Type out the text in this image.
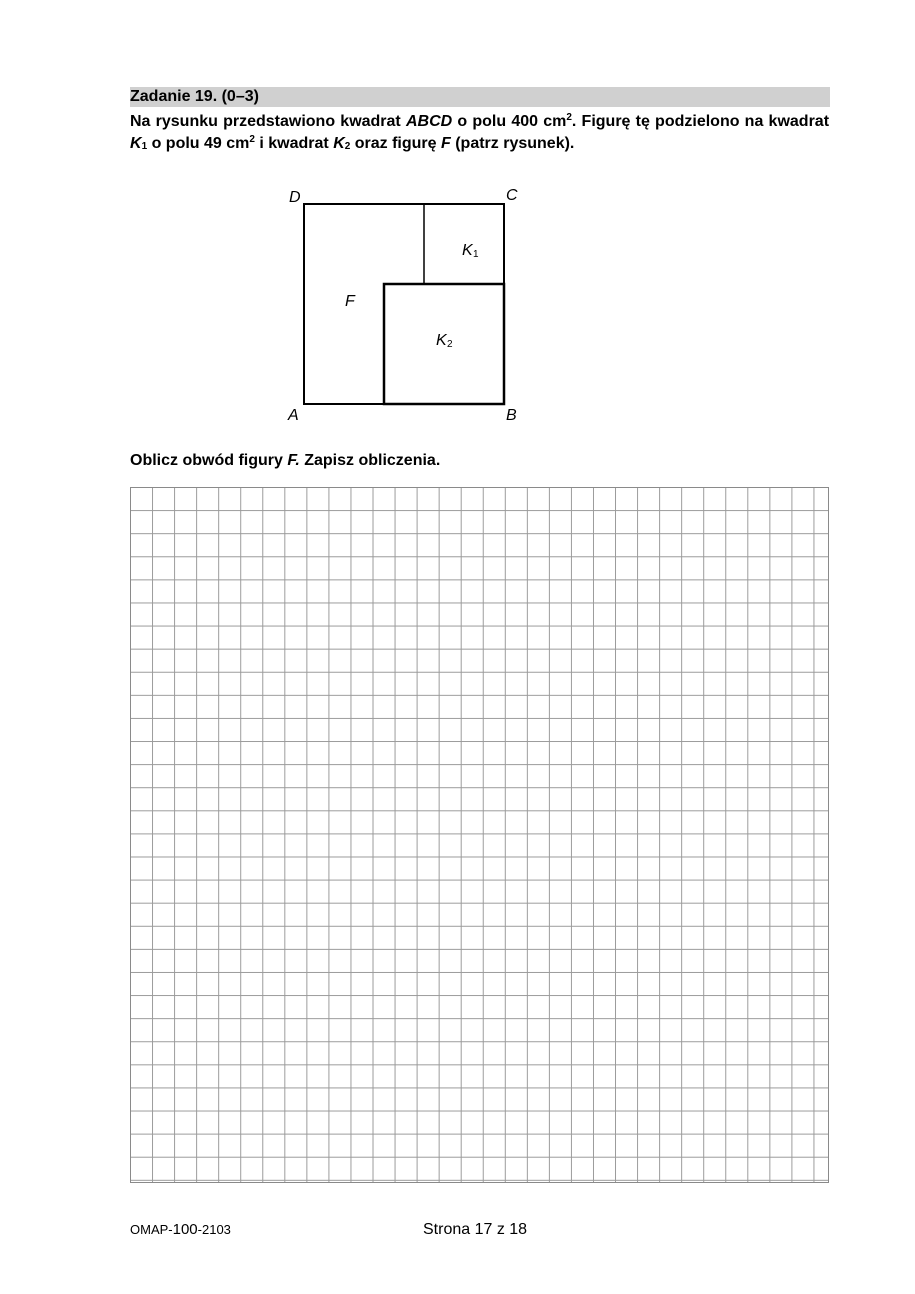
Zadanie 19. (0–3)
Na rysunku przedstawiono kwadrat ABCD o polu 400 $cm^2$. Figurę tę podzielono na kwadrat $K_1$ o polu 49 $cm^2$ i kwadrat $K_2$ oraz figurę F (patrz rysunek).
D	C
A	B
F
K 1
K 2
Oblicz obwód figury F. Zapisz obliczenia.
OMAP-100-2103	Strona 17 z 18
